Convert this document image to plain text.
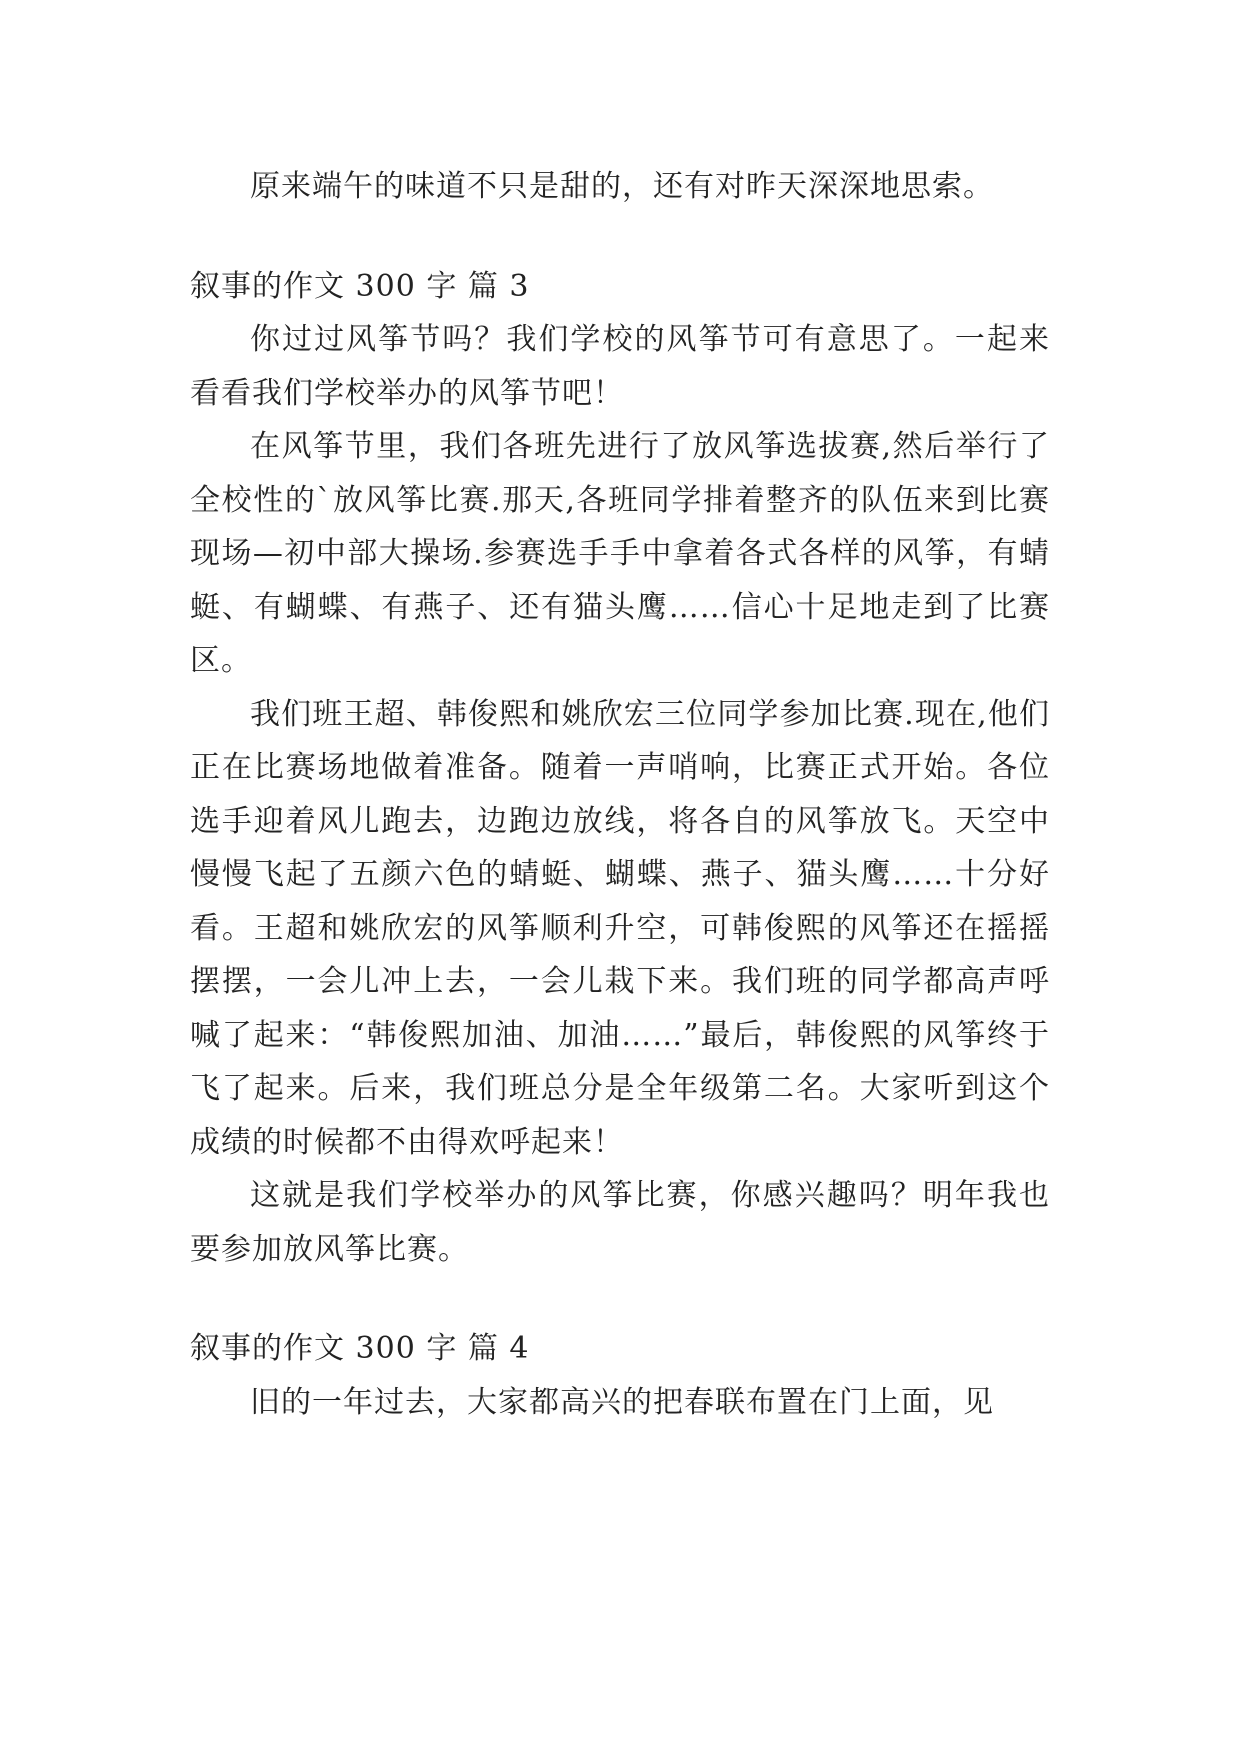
原来端午的味道不只是甜的，还有对昨天深深地思索。

叙事的作文 300 字 篇 3

你过过风筝节吗？我们学校的风筝节可有意思了。一起来看看我们学校举办的风筝节吧！

在风筝节里，我们各班先进行了放风筝选拔赛,然后举行了全校性的`放风筝比赛.那天,各班同学排着整齐的队伍来到比赛现场—初中部大操场.参赛选手手中拿着各式各样的风筝，有蜻蜓、有蝴蝶、有燕子、还有猫头鹰……信心十足地走到了比赛区。

我们班王超、韩俊熙和姚欣宏三位同学参加比赛.现在,他们正在比赛场地做着准备。随着一声哨响，比赛正式开始。各位选手迎着风儿跑去，边跑边放线，将各自的风筝放飞。天空中慢慢飞起了五颜六色的蜻蜓、蝴蝶、燕子、猫头鹰……十分好看。王超和姚欣宏的风筝顺利升空，可韩俊熙的风筝还在摇摇摆摆，一会儿冲上去，一会儿栽下来。我们班的同学都高声呼喊了起来：“韩俊熙加油、加油……”最后，韩俊熙的风筝终于飞了起来。后来，我们班总分是全年级第二名。大家听到这个成绩的时候都不由得欢呼起来！

这就是我们学校举办的风筝比赛，你感兴趣吗？明年我也要参加放风筝比赛。

叙事的作文 300 字 篇 4

旧的一年过去，大家都高兴的把春联布置在门上面，见
